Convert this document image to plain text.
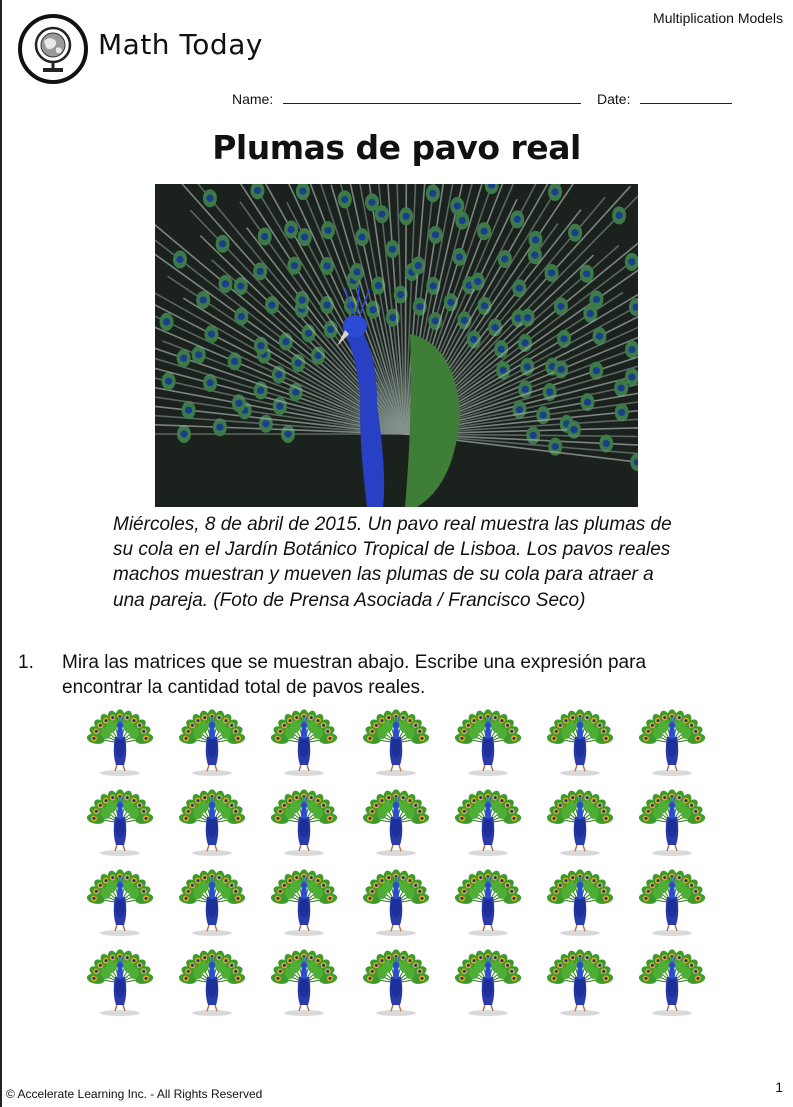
Multiplication Models
Math Today
Name:	Date:
Plumas de pavo real
Miércoles, 8 de abril de 2015. Un pavo real muestra las plumas de su cola en el Jardín Botánico Tropical de Lisboa. Los pavos reales machos muestran y mueven las plumas de su cola para atraer a una pareja. (Foto de Prensa Asociada / Francisco Seco)
1. Mira las matrices que se muestran abajo. Escribe una expresión para encontrar la cantidad total de pavos reales.
© Accelerate Learning Inc. - All Rights Reserved	1
